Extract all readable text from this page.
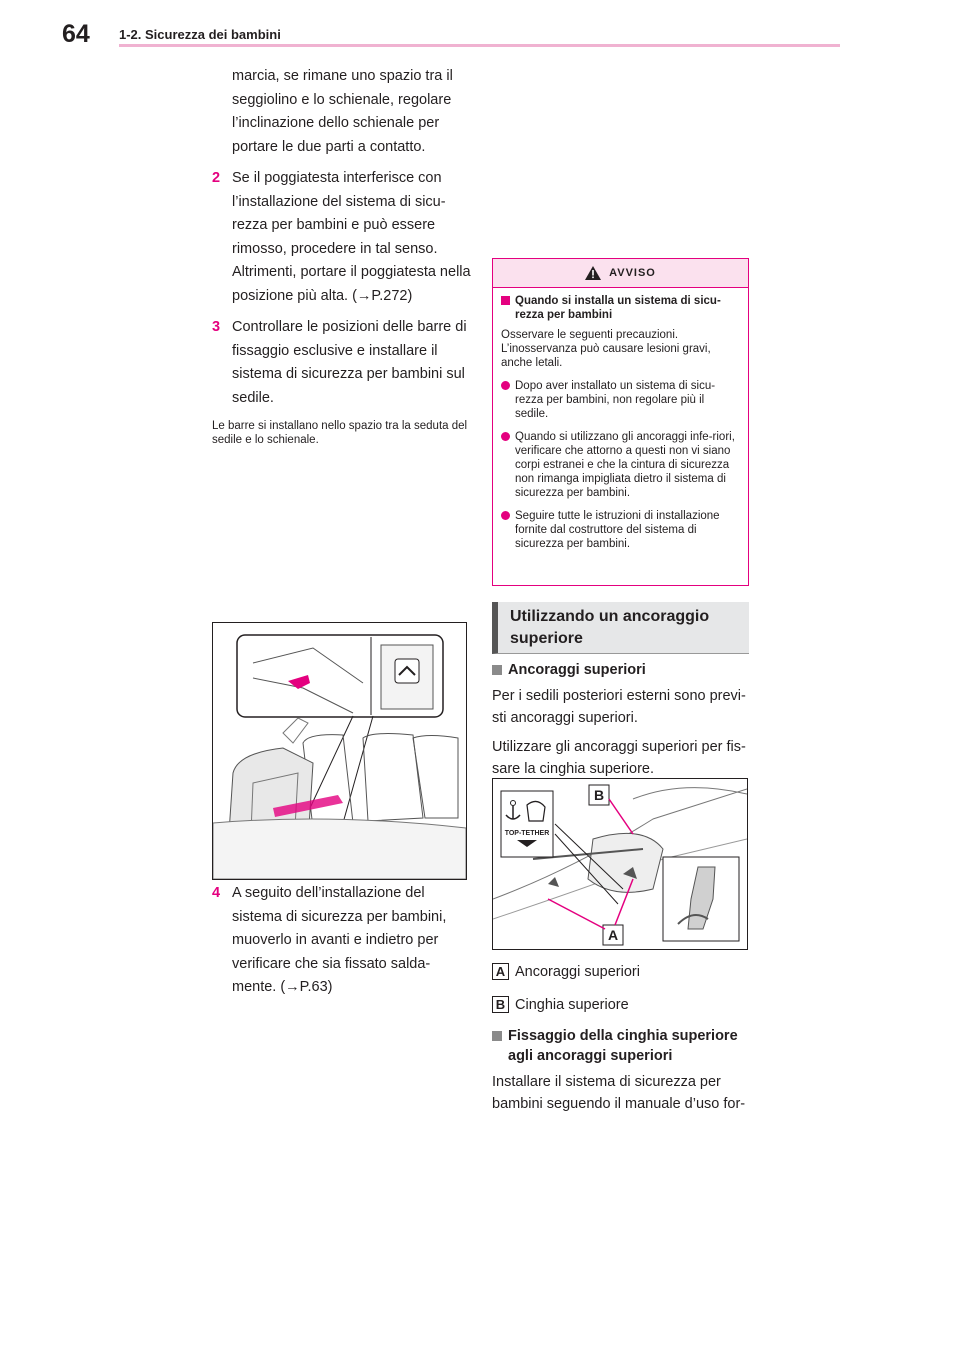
64 1-2. Sicurezza dei bambini

marcia, se rimane uno spazio tra il seggiolino e lo schienale, regolare l’inclinazione dello schienale per portare le due parti a contatto.

2 Se il poggiatesta interferisce con l’installazione del sistema di sicu-rezza per bambini e può essere rimosso, procedere in tal senso. Altrimenti, portare il poggiatesta nella posizione più alta. (→P.272)
3 Controllare le posizioni delle barre di fissaggio esclusive e installare il sistema di sicurezza per bambini sul sedile.
Le barre si installano nello spazio tra la seduta del sedile e lo schienale.
4 A seguito dell’installazione del sistema di sicurezza per bambini, muoverlo in avanti e indietro per verificare che sia fissato salda-mente. (→P.63)
AVVISO
Quando si installa un sistema di sicu-rezza per bambini
Osservare le seguenti precauzioni. L’inosservanza può causare lesioni gravi, anche letali.
Dopo aver installato un sistema di sicu-rezza per bambini, non regolare più il sedile.
Quando si utilizzano gli ancoraggi infe-riori, verificare che attorno a questi non vi siano corpi estranei e che la cintura di sicurezza non rimanga impigliata dietro il sistema di sicurezza per bambini.
Seguire tutte le istruzioni di installazione fornite dal costruttore del sistema di sicurezza per bambini.
Utilizzando un ancoraggio superiore
Ancoraggi superiori

Per i sedili posteriori esterni sono previ-sti ancoraggi superiori.

Utilizzare gli ancoraggi superiori per fis-sare la cinghia superiore.

TOP-TETHER
B
A
A Ancoraggi superiori
B Cinghia superiore
Fissaggio della cinghia superiore agli ancoraggi superiori

Installare il sistema di sicurezza per bambini seguendo il manuale d’uso for-
